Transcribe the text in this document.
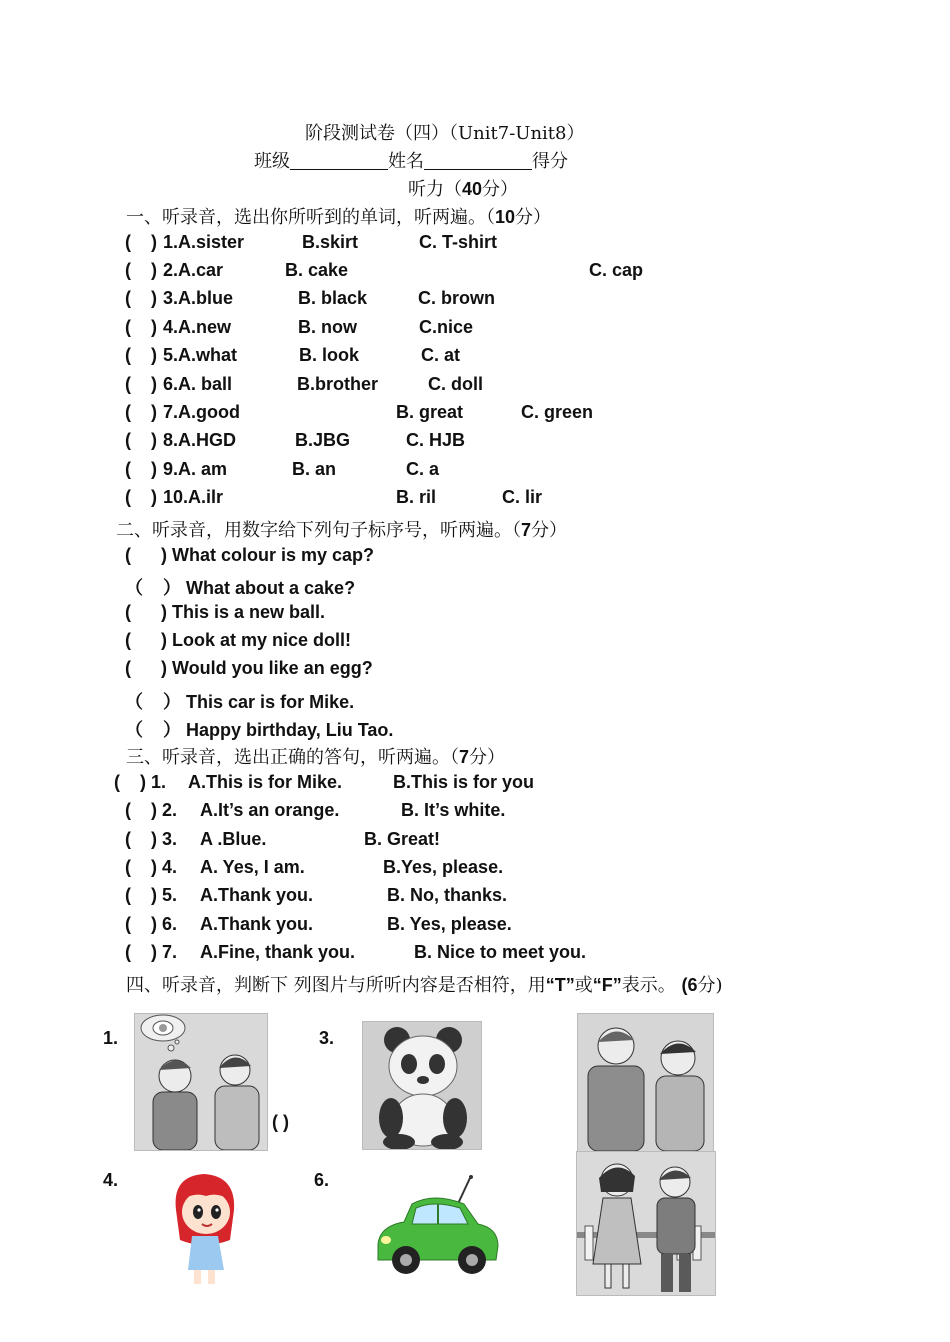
阶段测试卷（四）（Unit7-Unit8）
班级	姓名	得分
听力（40分）
一、听录音，选出你所听到的单词，听两遍。（10分）
( ) 1.A.sister	B.skirt	C. T-shirt
( ) 2.A.car	B. cake	C. cap
( ) 3.A.blue	B. black	C. brown
( ) 4.A.new	B. now	C.nice
( ) 5.A.what	B. look	C. at
( ) 6.A. ball	B.brother	C. doll
( ) 7.A.good	B. great	C. green
( ) 8.A.HGD	B.JBG	C. HJB
( ) 9.A. am	B. an	C. a
( ) 10.A.ilr	B. ril	C. lir
二、听录音，用数字给下列句子标序号，听两遍。（7分）
(      ) What colour is my cap?
（    ） What about a cake?
(      ) This is a new ball.
(      ) Look at my nice doll!
(      ) Would you like an egg?
（    ） This car is for Mike.
（    ） Happy birthday, Liu Tao.
三、听录音，选出正确的答句，听两遍。（7分）
( ) 1. A.This is for Mike.	B.This is for you
( ) 2. A.It’s an orange.	B. It’s white.
( ) 3. A .Blue.	B. Great!
( ) 4. A. Yes, I am.	B.Yes, please.
( ) 5. A.Thank you.	B. No, thanks.
( ) 6. A.Thank you.	B. Yes, please.
( ) 7. A.Fine, thank you.	B. Nice to meet you.
四、听录音，判断下 列图片与所听内容是否相符，用“T”或“F”表示。 (6分)
1.	3.
4.	6.
( )
